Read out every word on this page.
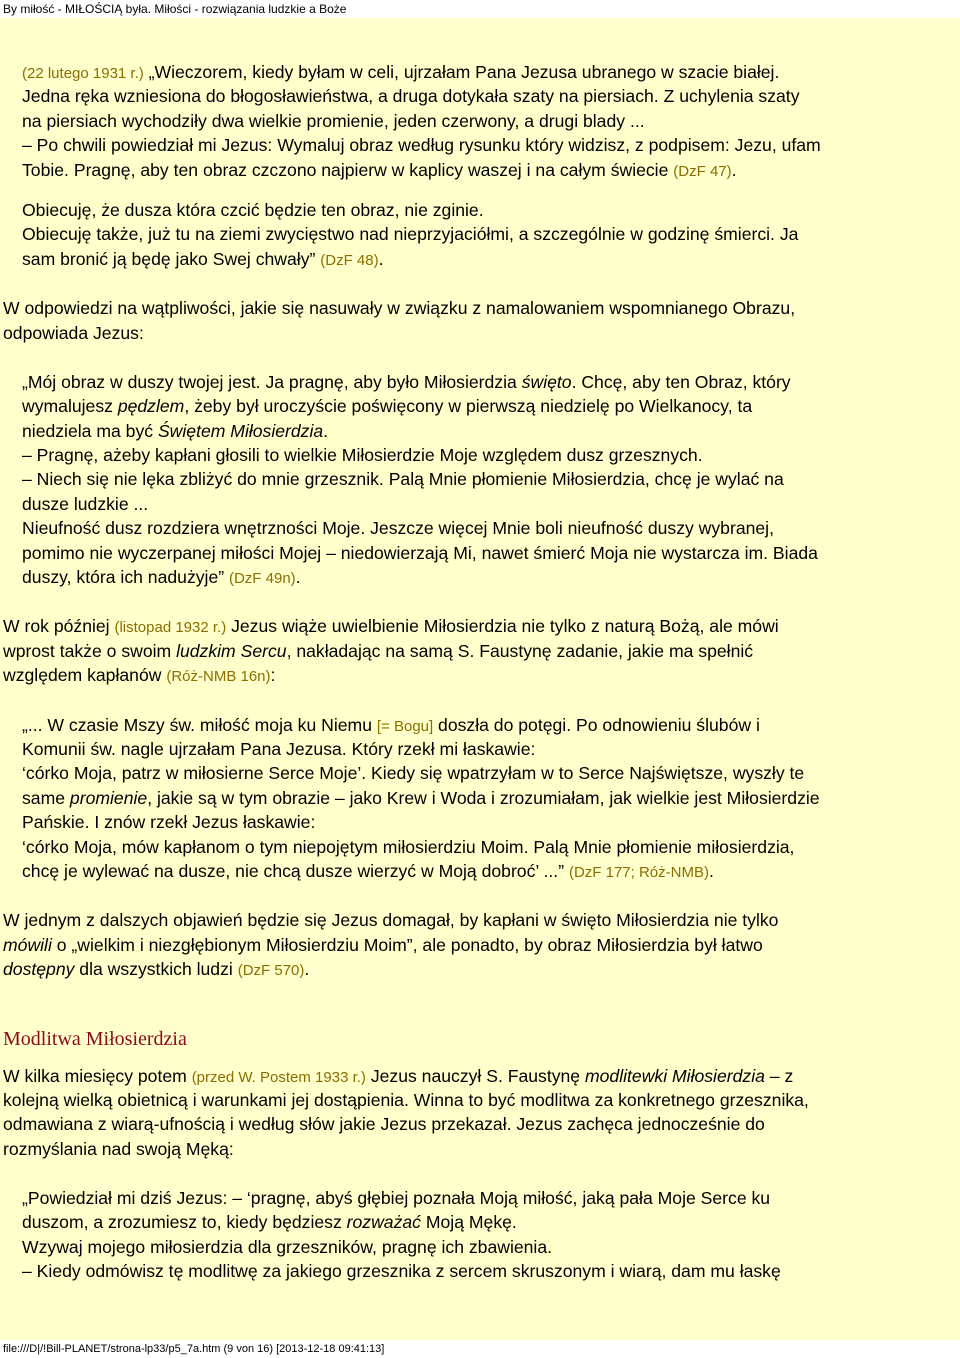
By miłość - MIŁOŚCIĄ była. Miłości - rozwiązania ludzkie a Boże
(22 lutego 1931 r.) „Wieczorem, kiedy byłam w celi, ujrzałam Pana Jezusa ubranego w szacie białej.
Jedna ręka wzniesiona do błogosławieństwa, a druga dotykała szaty na piersiach. Z uchylenia szaty
na piersiach wychodziły dwa wielkie promienie, jeden czerwony, a drugi blady ...
– Po chwili powiedział mi Jezus: Wymaluj obraz według rysunku który widzisz, z podpisem: Jezu, ufam
Tobie. Pragnę, aby ten obraz czczono najpierw w kaplicy waszej i na całym świecie (DzF 47).
Obiecuję, że dusza która czcić będzie ten obraz, nie zginie.
Obiecuję także, już tu na ziemi zwycięstwo nad nieprzyjaciółmi, a szczególnie w godzinę śmierci. Ja
sam bronić ją będę jako Swej chwały” (DzF 48).
W odpowiedzi na wątpliwości, jakie się nasuwały w związku z namalowaniem wspomnianego Obrazu,
odpowiada Jezus:
„Mój obraz w duszy twojej jest. Ja pragnę, aby było Miłosierdzia święto. Chcę, aby ten Obraz, który
wymalujesz pędzlem, żeby był uroczyście poświęcony w pierwszą niedzielę po Wielkanocy, ta
niedziela ma być Świętem Miłosierdzia.
– Pragnę, ażeby kapłani głosili to wielkie Miłosierdzie Moje względem dusz grzesznych.
– Niech się nie lęka zbliżyć do mnie grzesznik. Palą Mnie płomienie Miłosierdzia, chcę je wylać na
dusze ludzkie ...
Nieufność dusz rozdziera wnętrzności Moje. Jeszcze więcej Mnie boli nieufność duszy wybranej,
pomimo nie wyczerpanej miłości Mojej – niedowierzają Mi, nawet śmierć Moja nie wystarcza im. Biada
duszy, która ich nadużyje” (DzF 49n).
W rok później (listopad 1932 r.) Jezus wiąże uwielbienie Miłosierdzia nie tylko z naturą Bożą, ale mówi
wprost także o swoim ludzkim Sercu, nakładając na samą S. Faustynę zadanie, jakie ma spełnić
względem kapłanów (Róż-NMB 16n):
„... W czasie Mszy św. miłość moja ku Niemu [= Bogu] doszła do potęgi. Po odnowieniu ślubów i
Komunii św. nagle ujrzałam Pana Jezusa. Który rzekł mi łaskawie:
‘córko Moja, patrz w miłosierne Serce Moje’. Kiedy się wpatrzyłam w to Serce Najświętsze, wyszły te
same promienie, jakie są w tym obrazie – jako Krew i Woda i zrozumiałam, jak wielkie jest Miłosierdzie
Pańskie. I znów rzekł Jezus łaskawie:
‘córko Moja, mów kapłanom o tym niepojętym miłosierdziu Moim. Palą Mnie płomienie miłosierdzia,
chcę je wylewać na dusze, nie chcą dusze wierzyć w Moją dobroć’ ...” (DzF 177; Róż-NMB).
W jednym z dalszych objawień będzie się Jezus domagał, by kapłani w święto Miłosierdzia nie tylko
mówili o „wielkim i niezgłębionym Miłosierdziu Moim”, ale ponadto, by obraz Miłosierdzia był łatwo
dostępny dla wszystkich ludzi (DzF 570).
Modlitwa Miłosierdzia
W kilka miesięcy potem (przed W. Postem 1933 r.) Jezus nauczył S. Faustynę modlitewki Miłosierdzia – z
kolejną wielką obietnicą i warunkami jej dostąpienia. Winna to być modlitwa za konkretnego grzesznika,
odmawiana z wiarą-ufnością i według słów jakie Jezus przekazał. Jezus zachęca jednocześnie do
rozmyślania nad swoją Męką:
„Powiedział mi dziś Jezus: – ‘pragnę, abyś głębiej poznała Moją miłość, jaką pała Moje Serce ku
duszom, a zrozumiesz to, kiedy będziesz rozważać Moją Mękę.
Wzywaj mojego miłosierdzia dla grzeszników, pragnę ich zbawienia.
– Kiedy odmówisz tę modlitwę za jakiego grzesznika z sercem skruszonym i wiarą, dam mu łaskę
file:///D|/!Bill-PLANET/strona-lp33/p5_7a.htm (9 von 16) [2013-12-18 09:41:13]
